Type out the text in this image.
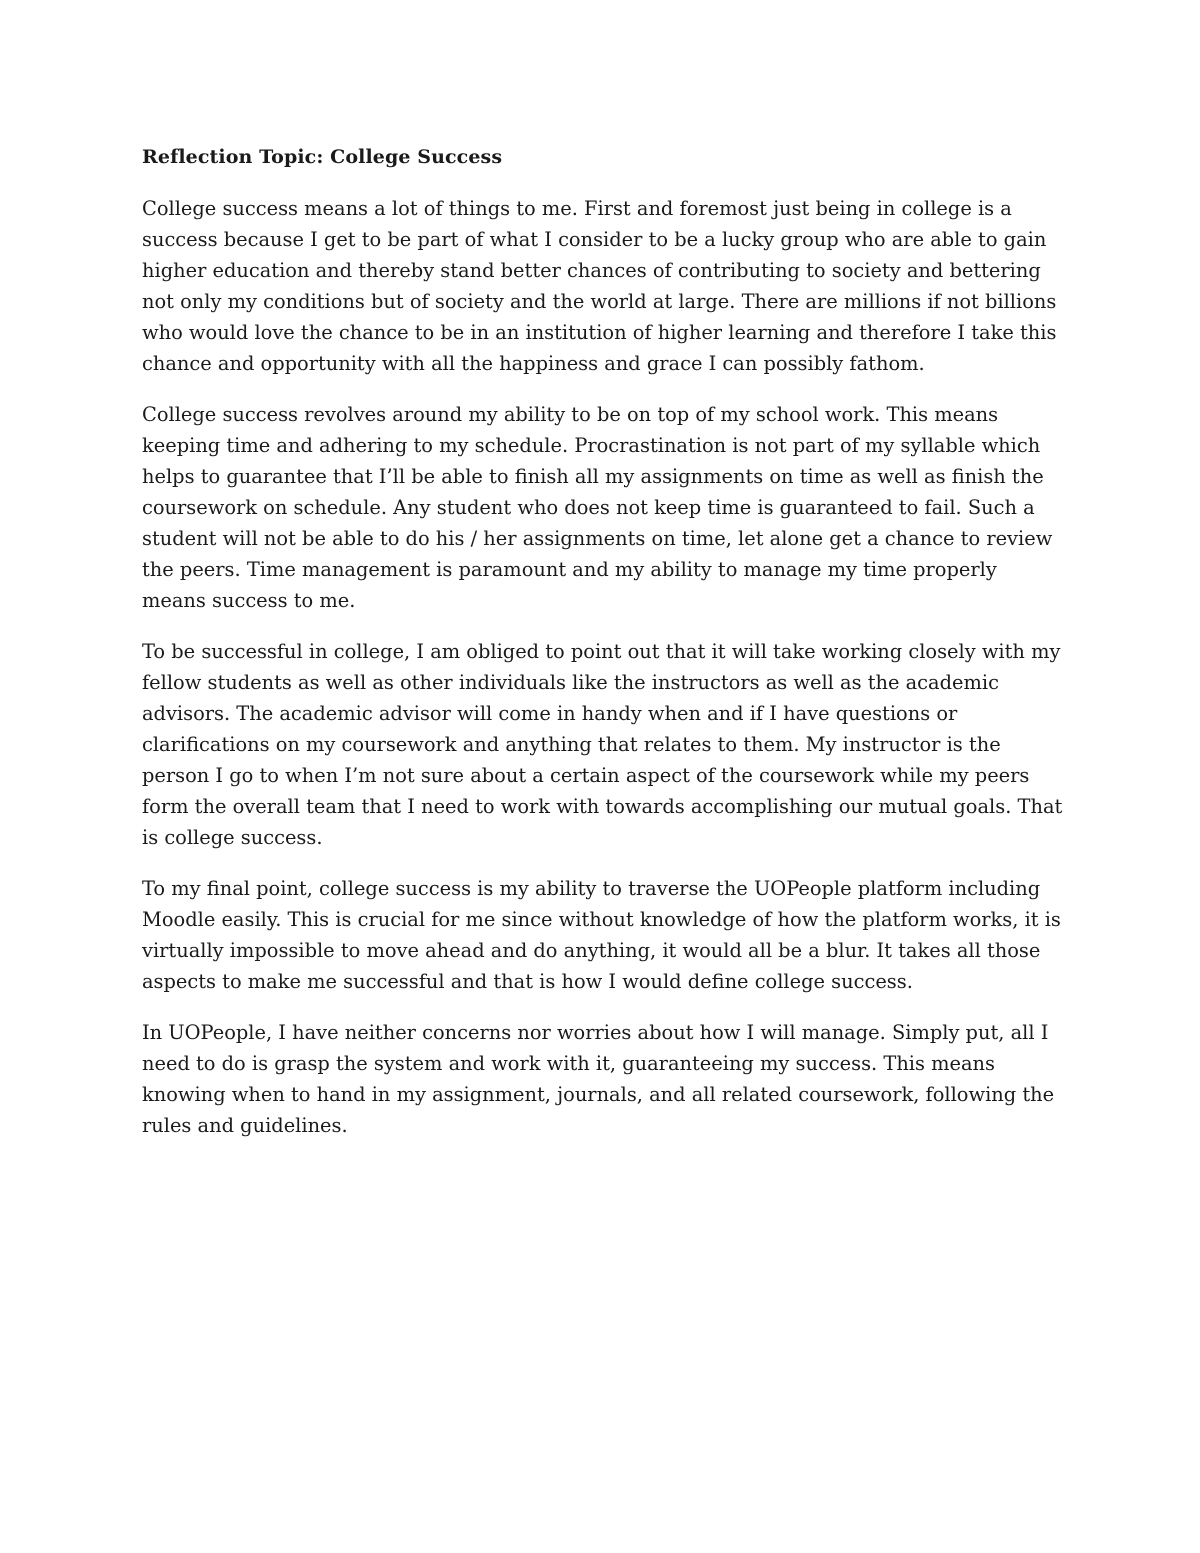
Reflection Topic: College Success

College success means a lot of things to me. First and foremost just being in college is a success because I get to be part of what I consider to be a lucky group who are able to gain higher education and thereby stand better chances of contributing to society and bettering not only my conditions but of society and the world at large. There are millions if not billions who would love the chance to be in an institution of higher learning and therefore I take this chance and opportunity with all the happiness and grace I can possibly fathom.

College success revolves around my ability to be on top of my school work. This means keeping time and adhering to my schedule. Procrastination is not part of my syllable which helps to guarantee that I’ll be able to finish all my assignments on time as well as finish the coursework on schedule. Any student who does not keep time is guaranteed to fail. Such a student will not be able to do his / her assignments on time, let alone get a chance to review the peers. Time management is paramount and my ability to manage my time properly means success to me.

To be successful in college, I am obliged to point out that it will take working closely with my fellow students as well as other individuals like the instructors as well as the academic advisors. The academic advisor will come in handy when and if I have questions or clarifications on my coursework and anything that relates to them. My instructor is the person I go to when I’m not sure about a certain aspect of the coursework while my peers form the overall team that I need to work with towards accomplishing our mutual goals. That is college success.

To my final point, college success is my ability to traverse the UOPeople platform including Moodle easily. This is crucial for me since without knowledge of how the platform works, it is virtually impossible to move ahead and do anything, it would all be a blur. It takes all those aspects to make me successful and that is how I would define college success.

In UOPeople, I have neither concerns nor worries about how I will manage. Simply put, all I need to do is grasp the system and work with it, guaranteeing my success. This means knowing when to hand in my assignment, journals, and all related coursework, following the rules and guidelines.
